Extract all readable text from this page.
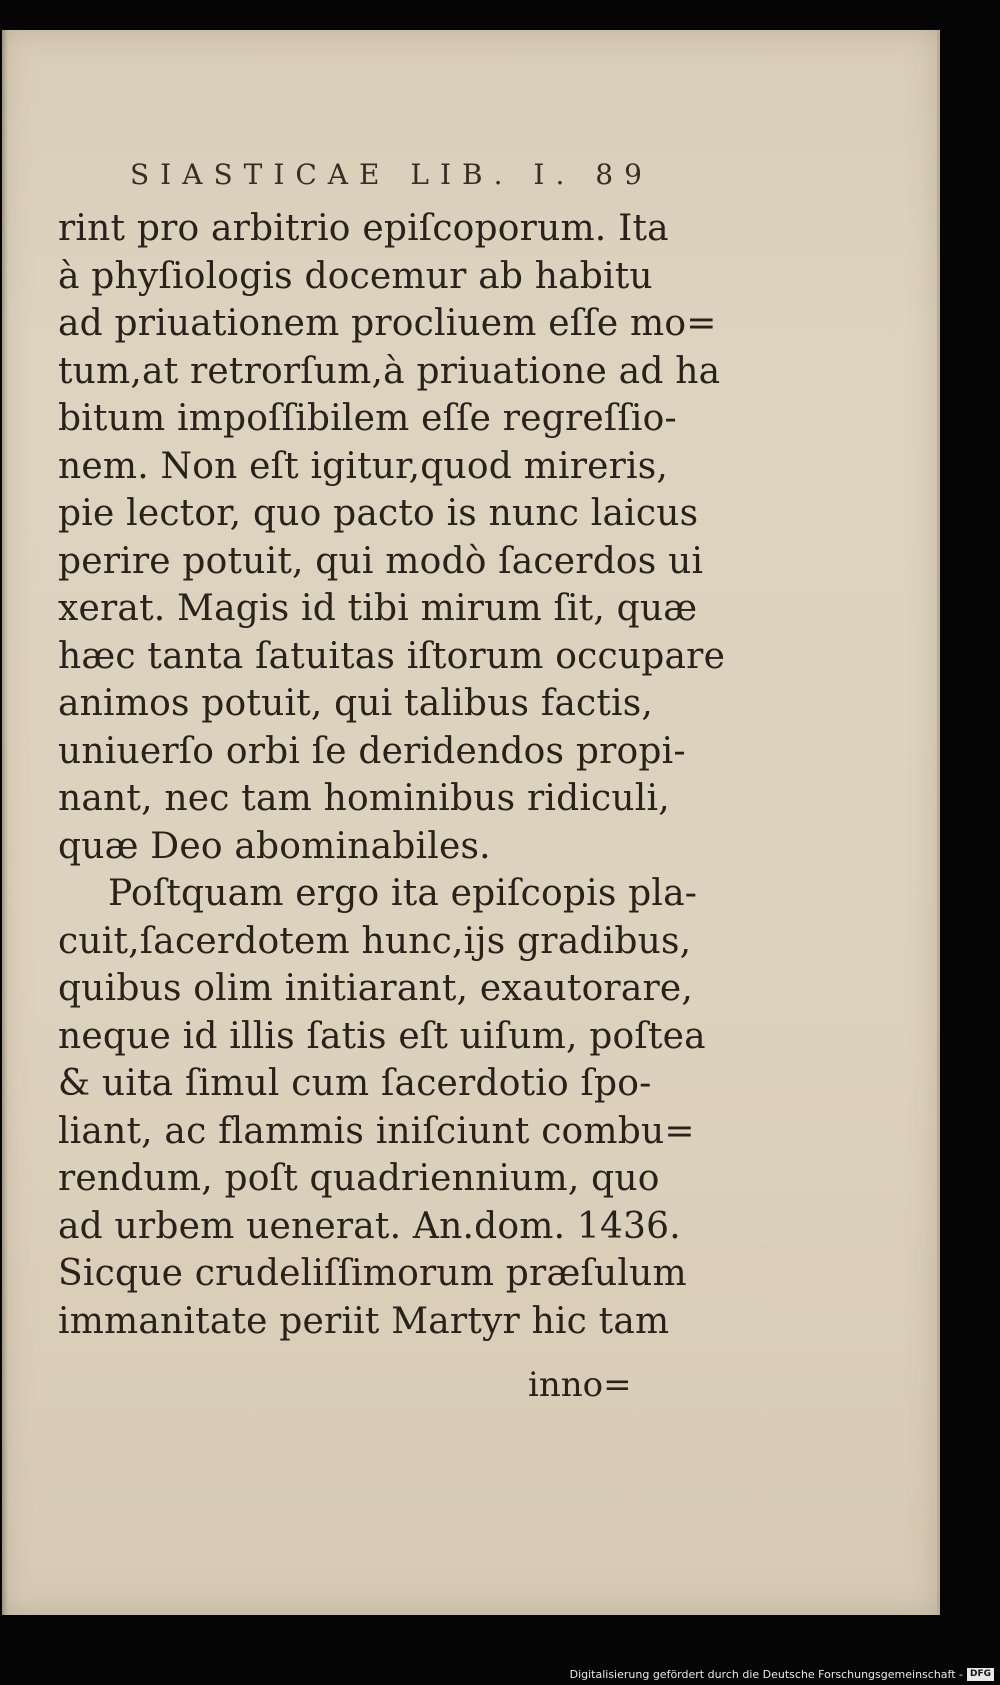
SIASTICAE LIB. I. 89
rint pro arbitrio epiſcoporum. Ita
à phyſiologis docemur ab habitu
ad priuationem procliuem eſſe mo=
tum,at retrorſum,à priuatione ad ha
bitum impoſſibilem eſſe regreſſio-
nem. Non eſt igitur,quod mireris,
pie lector, quo pacto is nunc laicus
perire potuit, qui modò ſacerdos ui
xerat. Magis id tibi mirum ſit, quæ
hæc tanta ſatuitas iſtorum occupare
animos potuit, qui talibus factis,
uniuerſo orbi ſe deridendos propi-
nant, nec tam hominibus ridiculi,
quæ Deo abominabiles.
Poſtquam ergo ita epiſcopis pla-
cuit,ſacerdotem hunc,ijs gradibus,
quibus olim initiarant, exautorare,
neque id illis ſatis eſt uiſum, poſtea
& uita ſimul cum ſacerdotio ſpo-
liant, ac flammis iniſciunt combu=
rendum, poſt quadriennium, quo
ad urbem uenerat. An.dom. 1436.
Sicque crudeliſſimorum præſulum
immanitate periit Martyr hic tam
inno=
Digitalisierung gefördert durch die Deutsche Forschungsgemeinschaft - DFG
